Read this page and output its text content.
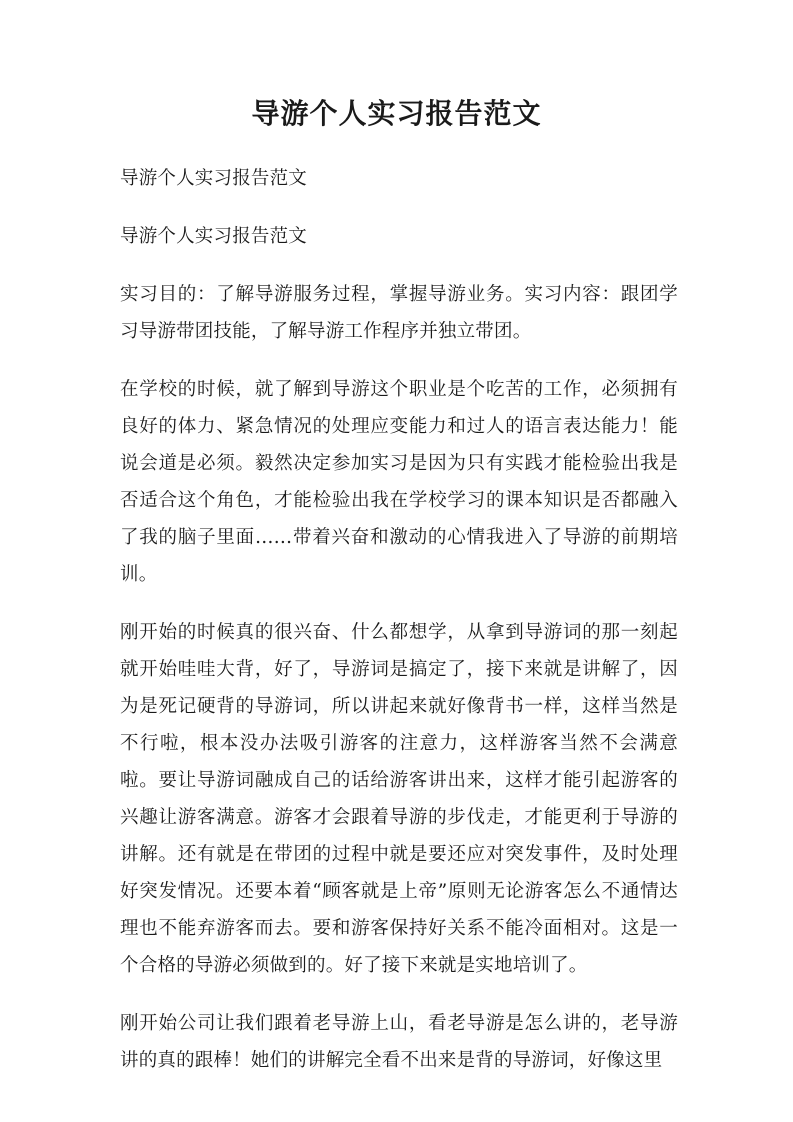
导游个人实习报告范文

导游个人实习报告范文

导游个人实习报告范文

实习目的：了解导游服务过程，掌握导游业务。实习内容：跟团学习导游带团技能，了解导游工作程序并独立带团。

在学校的时候，就了解到导游这个职业是个吃苦的工作，必须拥有良好的体力、紧急情况的处理应变能力和过人的语言表达能力！能说会道是必须。毅然决定参加实习是因为只有实践才能检验出我是否适合这个角色，才能检验出我在学校学习的课本知识是否都融入了我的脑子里面……带着兴奋和激动的心情我进入了导游的前期培训。

刚开始的时候真的很兴奋、什么都想学，从拿到导游词的那一刻起就开始哇哇大背，好了，导游词是搞定了，接下来就是讲解了，因为是死记硬背的导游词，所以讲起来就好像背书一样，这样当然是不行啦，根本没办法吸引游客的注意力，这样游客当然不会满意啦。要让导游词融成自己的话给游客讲出来，这样才能引起游客的兴趣让游客满意。游客才会跟着导游的步伐走，才能更利于导游的讲解。还有就是在带团的过程中就是要还应对突发事件，及时处理好突发情况。还要本着“顾客就是上帝”原则无论游客怎么不通情达理也不能弃游客而去。要和游客保持好关系不能冷面相对。这是一个合格的导游必须做到的。好了接下来就是实地培训了。

刚开始公司让我们跟着老导游上山，看老导游是怎么讲的，老导游讲的真的跟棒！她们的讲解完全看不出来是背的导游词，好像这里
